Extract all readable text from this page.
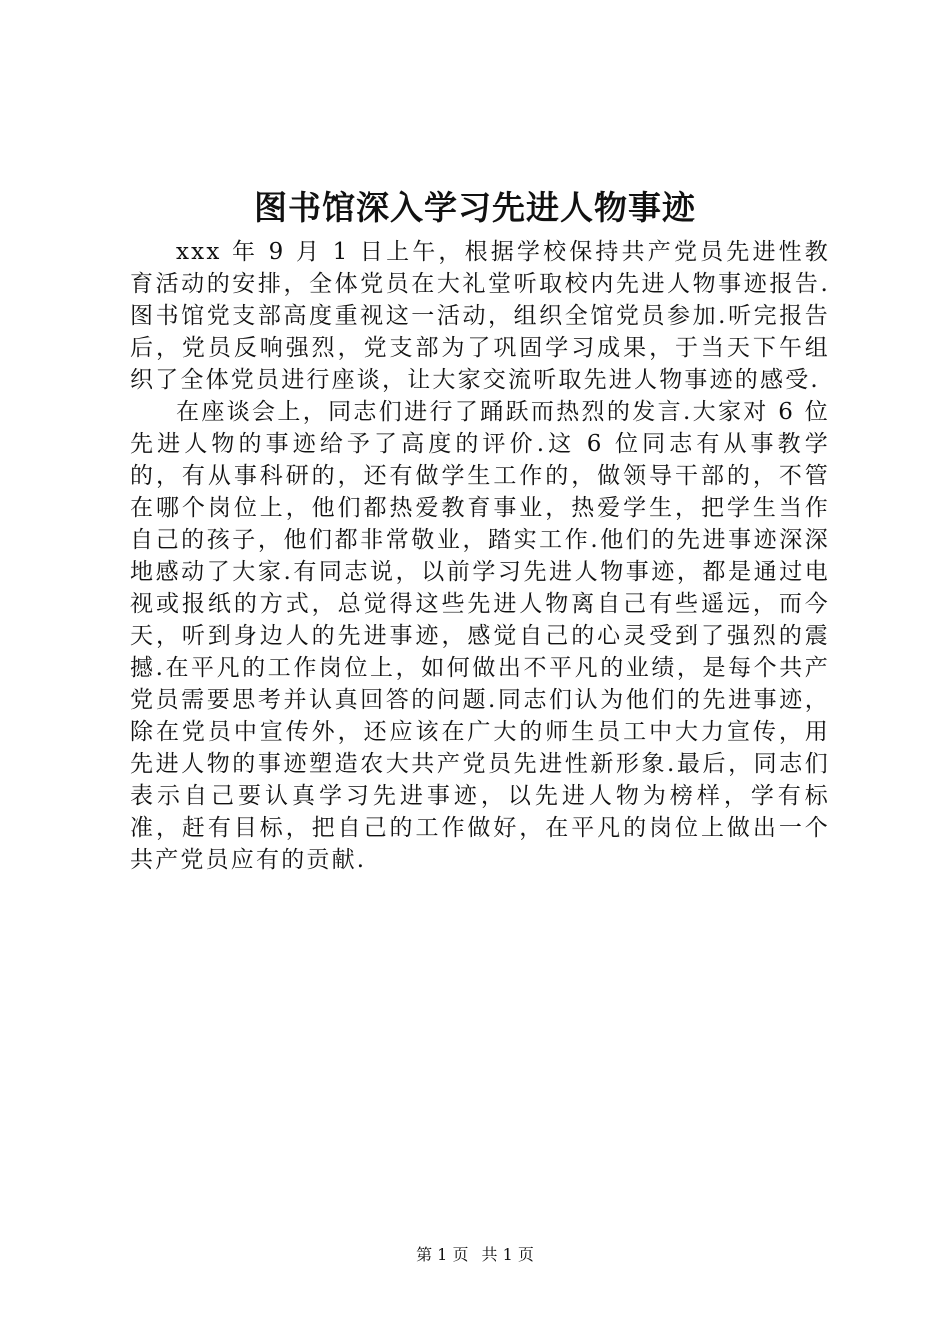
图书馆深入学习先进人物事迹

xxx 年 9 月 1 日上午，根据学校保持共产党员先进性教育活动的安排，全体党员在大礼堂听取校内先进人物事迹报告.图书馆党支部高度重视这一活动，组织全馆党员参加.听完报告后，党员反响强烈，党支部为了巩固学习成果，于当天下午组织了全体党员进行座谈，让大家交流听取先进人物事迹的感受.

在座谈会上，同志们进行了踊跃而热烈的发言.大家对 6 位先进人物的事迹给予了高度的评价.这 6 位同志有从事教学的，有从事科研的，还有做学生工作的，做领导干部的，不管在哪个岗位上，他们都热爱教育事业，热爱学生，把学生当作自己的孩子，他们都非常敬业，踏实工作.他们的先进事迹深深地感动了大家.有同志说，以前学习先进人物事迹，都是通过电视或报纸的方式，总觉得这些先进人物离自己有些遥远，而今天，听到身边人的先进事迹，感觉自己的心灵受到了强烈的震撼.在平凡的工作岗位上，如何做出不平凡的业绩，是每个共产党员需要思考并认真回答的问题.同志们认为他们的先进事迹，除在党员中宣传外，还应该在广大的师生员工中大力宣传，用先进人物的事迹塑造农大共产党员先进性新形象.最后，同志们表示自己要认真学习先进事迹，以先进人物为榜样，学有标准，赶有目标，把自己的工作做好，在平凡的岗位上做出一个共产党员应有的贡献.

第 1 页 共 1 页
